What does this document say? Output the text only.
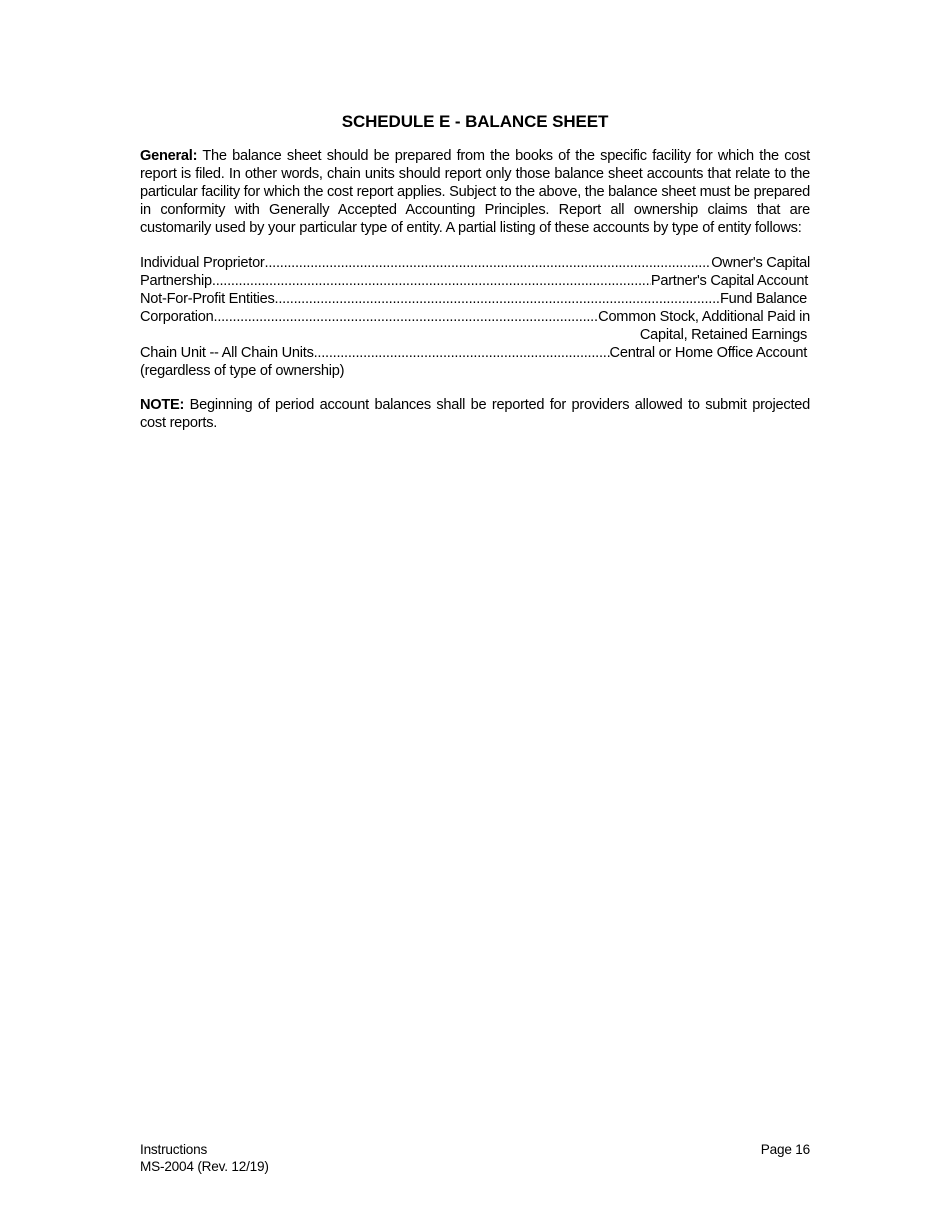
SCHEDULE E - BALANCE SHEET

General: The balance sheet should be prepared from the books of the specific facility for which the cost report is filed. In other words, chain units should report only those balance sheet accounts that relate to the particular facility for which the cost report applies. Subject to the above, the balance sheet must be prepared in conformity with Generally Accepted Accounting Principles. Report all ownership claims that are customarily used by your particular type of entity. A partial listing of these accounts by type of entity follows:

Individual Proprietor .....	Owner's Capital
Partnership .....	Partner's Capital Account
Not-For-Profit Entities .....	Fund Balance
Corporation .....	Common Stock, Additional Paid in
Capital, Retained Earnings
Chain Unit -- All Chain Units .....	Central or Home Office Account
(regardless of type of ownership)

NOTE: Beginning of period account balances shall be reported for providers allowed to submit projected cost reports.

Instructions
MS-2004 (Rev. 12/19)
Page 16
